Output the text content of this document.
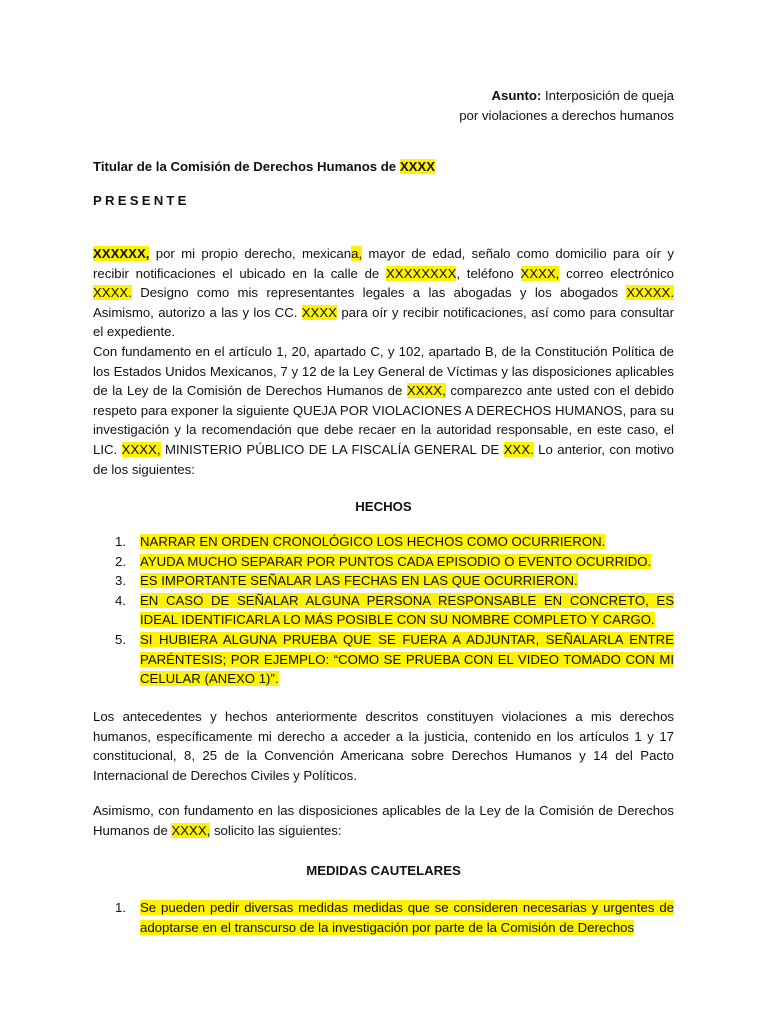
Asunto: Interposición de queja
por violaciones a derechos humanos
Titular de la Comisión de Derechos Humanos de XXXX
PRESENTE

XXXXXX, por mi propio derecho, mexicana, mayor de edad, señalo como domicilio para oír y recibir notificaciones el ubicado en la calle de XXXXXXXX, teléfono XXXX, correo electrónico XXXX. Designo como mis representantes legales a las abogadas y los abogados XXXXX. Asimismo, autorizo a las y los CC. XXXX para oír y recibir notificaciones, así como para consultar el expediente.

Con fundamento en el artículo 1, 20, apartado C, y 102, apartado B, de la Constitución Política de los Estados Unidos Mexicanos, 7 y 12 de la Ley General de Víctimas y las disposiciones aplicables de la Ley de la Comisión de Derechos Humanos de XXXX, comparezco ante usted con el debido respeto para exponer la siguiente QUEJA POR VIOLACIONES A DERECHOS HUMANOS, para su investigación y la recomendación que debe recaer en la autoridad responsable, en este caso, el LIC. XXXX, MINISTERIO PÚBLICO DE LA FISCALÍA GENERAL DE XXX. Lo anterior, con motivo de los siguientes:

HECHOS
1. NARRAR EN ORDEN CRONOLÓGICO LOS HECHOS COMO OCURRIERON.
2. AYUDA MUCHO SEPARAR POR PUNTOS CADA EPISODIO O EVENTO OCURRIDO.
3. ES IMPORTANTE SEÑALAR LAS FECHAS EN LAS QUE OCURRIERON.
4. EN CASO DE SEÑALAR ALGUNA PERSONA RESPONSABLE EN CONCRETO, ES IDEAL IDENTIFICARLA LO MÁS POSIBLE CON SU NOMBRE COMPLETO Y CARGO.
5. SI HUBIERA ALGUNA PRUEBA QUE SE FUERA A ADJUNTAR, SEÑALARLA ENTRE PARÉNTESIS; POR EJEMPLO: “COMO SE PRUEBA CON EL VIDEO TOMADO CON MI CELULAR (ANEXO 1)”.

Los antecedentes y hechos anteriormente descritos constituyen violaciones a mis derechos humanos, específicamente mi derecho a acceder a la justicia, contenido en los artículos 1 y 17 constitucional, 8, 25 de la Convención Americana sobre Derechos Humanos y 14 del Pacto Internacional de Derechos Civiles y Políticos.

Asimismo, con fundamento en las disposiciones aplicables de la Ley de la Comisión de Derechos Humanos de XXXX, solicito las siguientes:

MEDIDAS CAUTELARES
1. Se pueden pedir diversas medidas medidas que se consideren necesarias y urgentes de adoptarse en el transcurso de la investigación por parte de la Comisión de Derechos
